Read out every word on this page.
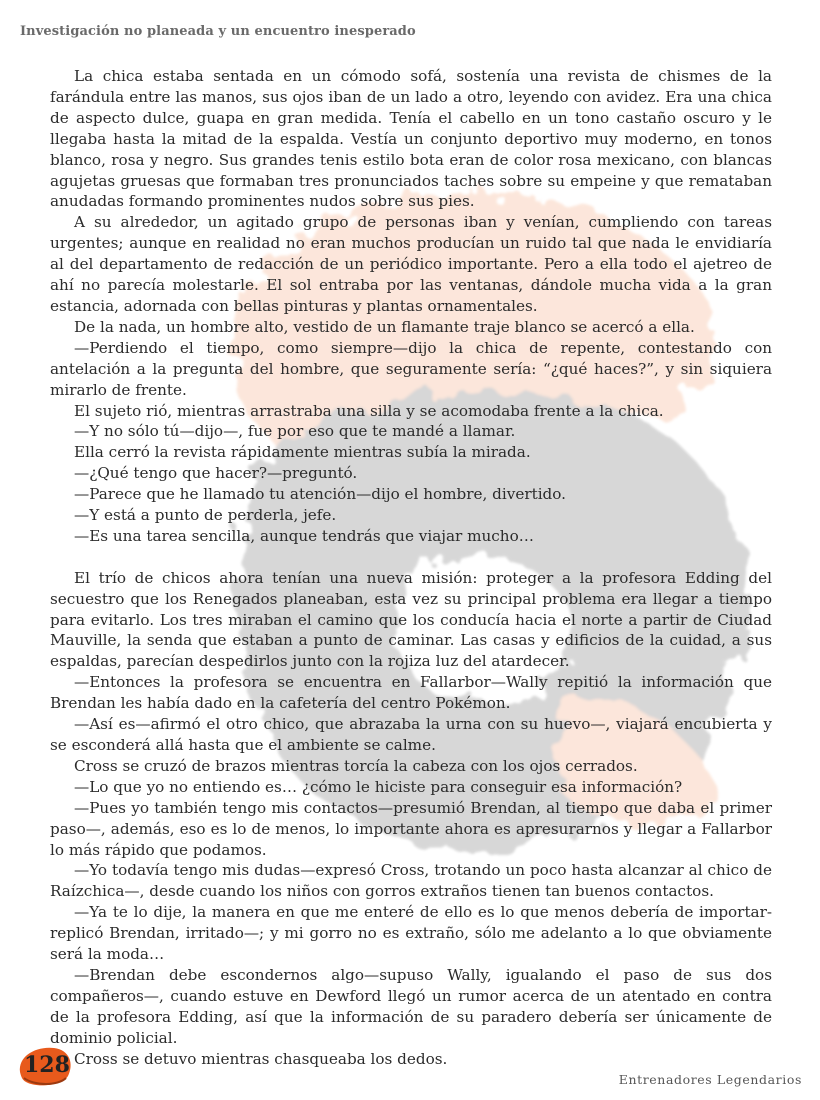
Investigación no planeada y un encuentro inesperado

La chica estaba sentada en un cómodo sofá, sostenía una revista de chismes de la farándula entre las manos, sus ojos iban de un lado a otro, leyendo con avidez. Era una chica de aspecto dulce, guapa en gran medida. Tenía el cabello en un tono castaño oscuro y le llegaba hasta la mitad de la espalda. Vestía un conjunto deportivo muy moderno, en tonos blanco, rosa y negro. Sus grandes tenis estilo bota eran de color rosa mexicano, con blancas agujetas gruesas que formaban tres pronunciados taches sobre su empeine y que remataban anudadas formando prominentes nudos sobre sus pies.

A su alrededor, un agitado grupo de personas iban y venían, cumpliendo con tareas urgentes; aunque en realidad no eran muchos producían un ruido tal que nada le envidiaría al del departamento de redacción de un periódico importante. Pero a ella todo el ajetreo de ahí no parecía molestarle. El sol entraba por las ventanas, dándole mucha vida a la gran estancia, adornada con bellas pinturas y plantas ornamentales.

De la nada, un hombre alto, vestido de un flamante traje blanco se acercó a ella.

—Perdiendo el tiempo, como siempre—dijo la chica de repente, contestando con antelación a la pregunta del hombre, que seguramente sería: “¿qué haces?”, y sin siquiera mirarlo de frente.

El sujeto rió, mientras arrastraba una silla y se acomodaba frente a la chica.

—Y no sólo tú—dijo—, fue por eso que te mandé a llamar.

Ella cerró la revista rápidamente mientras subía la mirada.

—¿Qué tengo que hacer?—preguntó.

—Parece que he llamado tu atención—dijo el hombre, divertido.

—Y está a punto de perderla, jefe.

—Es una tarea sencilla, aunque tendrás que viajar mucho…

El trío de chicos ahora tenían una nueva misión: proteger a la profesora Edding del secuestro que los Renegados planeaban, esta vez su principal problema era llegar a tiempo para evitarlo. Los tres miraban el camino que los conducía hacia el norte a partir de Ciudad Mauville, la senda que estaban a punto de caminar. Las casas y edificios de la cuidad, a sus espaldas, parecían despedirlos junto con la rojiza luz del atardecer.

—Entonces la profesora se encuentra en Fallarbor—Wally repitió la información que Brendan les había dado en la cafetería del centro Pokémon.

—Así es—afirmó el otro chico, que abrazaba la urna con su huevo—, viajará encubierta y se esconderá allá hasta que el ambiente se calme.

Cross se cruzó de brazos mientras torcía la cabeza con los ojos cerrados.

—Lo que yo no entiendo es… ¿cómo le hiciste para conseguir esa información?

—Pues yo también tengo mis contactos—presumió Brendan, al tiempo que daba el primer paso—, además, eso es lo de menos, lo importante ahora es apresurarnos y llegar a Fallarbor lo más rápido que podamos.

—Yo todavía tengo mis dudas—expresó Cross, trotando un poco hasta alcanzar al chico de Raízchica—, desde cuando los niños con gorros extraños tienen tan buenos contactos.

—Ya te lo dije, la manera en que me enteré de ello es lo que menos debería de importar-replicó Brendan, irritado—; y mi gorro no es extraño, sólo me adelanto a lo que obviamente será la moda…

—Brendan debe escondernos algo—supuso Wally, igualando el paso de sus dos compañeros—, cuando estuve en Dewford llegó un rumor acerca de un atentado en contra de la profesora Edding, así que la información de su paradero debería ser únicamente de dominio policial.

Cross se detuvo mientras chasqueaba los dedos.

128
Entrenadores Legendarios
